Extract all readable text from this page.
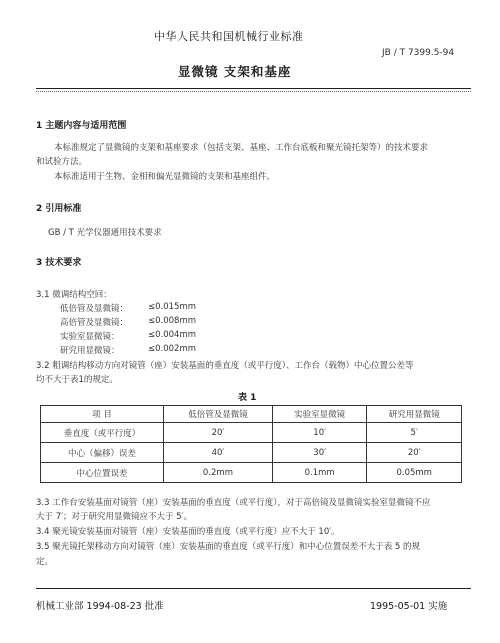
中华人民共和国机械行业标准
JB / T 7399.5-94
显微镜 支架和基座
1 主题内容与适用范围
本标准规定了显微镜的支架和基座要求（包括支架、基座、工作台底板和聚光镜托架等）的技术要求
和试验方法。
本标准适用于生物、金相和偏光显微镜的支架和基座组件。
2 引用标准
GB / T 光学仪器通用技术要求
3 技术要求
3.1 微调结构空回：
低倍管及显微镜： ≤0.015mm
高倍管及显微镜： ≤0.008mm
实验室显微镜：	≤0.004mm
研究用显微镜：	≤0.002mm
3.2 粗调结构移动方向对镜管（座）安装基面的垂直度（或平行度）、工作台（载物）中心位置公差等
均不大于表1的规定。
表 1
项 目	低倍管及显微镜	实验室显微镜	研究用显微镜
垂直度（或平行度）	20′	10′	5′
中心（偏移）误差	40′	30′	20′
中心位置误差	0.2mm	0.1mm	0.05mm
3.3 工作台安装基面对镜管（座）安装基面的垂直度（或平行度），对于高倍镜及显微镜实验室显微镜不应
大于 7′；对于研究用显微镜应不大于 5′。
3.4 聚光镜安装基面对镜管（座）安装基面的垂直度（或平行度）应不大于 10′。
3.5 聚光镜托架移动方向对镜管（座）安装基面的垂直度（或平行度）和中心位置误差不大于表 5 的规
定。
机械工业部 1994-08-23 批准	1995-05-01 实施
